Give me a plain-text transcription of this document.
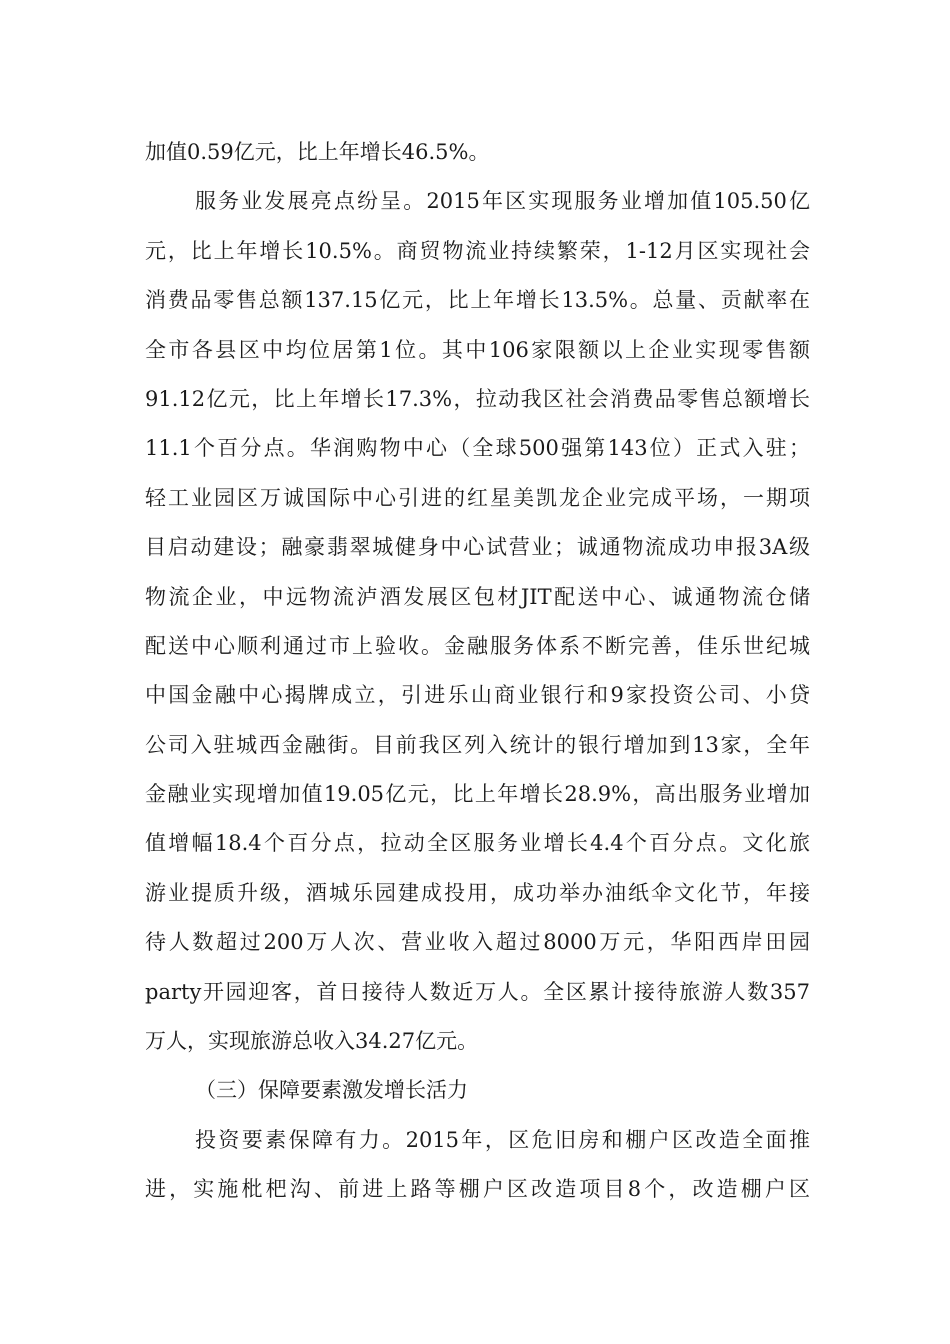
加值0.59亿元，比上年增长46.5%。
服务业发展亮点纷呈。2015年区实现服务业增加值105.50亿
元，比上年增长10.5%。商贸物流业持续繁荣，1-12月区实现社会
消费品零售总额137.15亿元，比上年增长13.5%。总量、贡献率在
全市各县区中均位居第1位。其中106家限额以上企业实现零售额
91.12亿元，比上年增长17.3%，拉动我区社会消费品零售总额增长
11.1个百分点。华润购物中心（全球500强第143位）正式入驻；
轻工业园区万诚国际中心引进的红星美凯龙企业完成平场，一期项
目启动建设；融豪翡翠城健身中心试营业；诚通物流成功申报3A级
物流企业，中远物流泸酒发展区包材JIT配送中心、诚通物流仓储
配送中心顺利通过市上验收。金融服务体系不断完善，佳乐世纪城
中国金融中心揭牌成立，引进乐山商业银行和9家投资公司、小贷
公司入驻城西金融街。目前我区列入统计的银行增加到13家，全年
金融业实现增加值19.05亿元，比上年增长28.9%，高出服务业增加
值增幅18.4个百分点，拉动全区服务业增长4.4个百分点。文化旅
游业提质升级，酒城乐园建成投用，成功举办油纸伞文化节，年接
待人数超过200万人次、营业收入超过8000万元，华阳西岸田园
party开园迎客，首日接待人数近万人。全区累计接待旅游人数357
万人，实现旅游总收入34.27亿元。
（三）保障要素激发增长活力
投资要素保障有力。2015年，区危旧房和棚户区改造全面推
进，实施枇杷沟、前进上路等棚户区改造项目8个，改造棚户区
